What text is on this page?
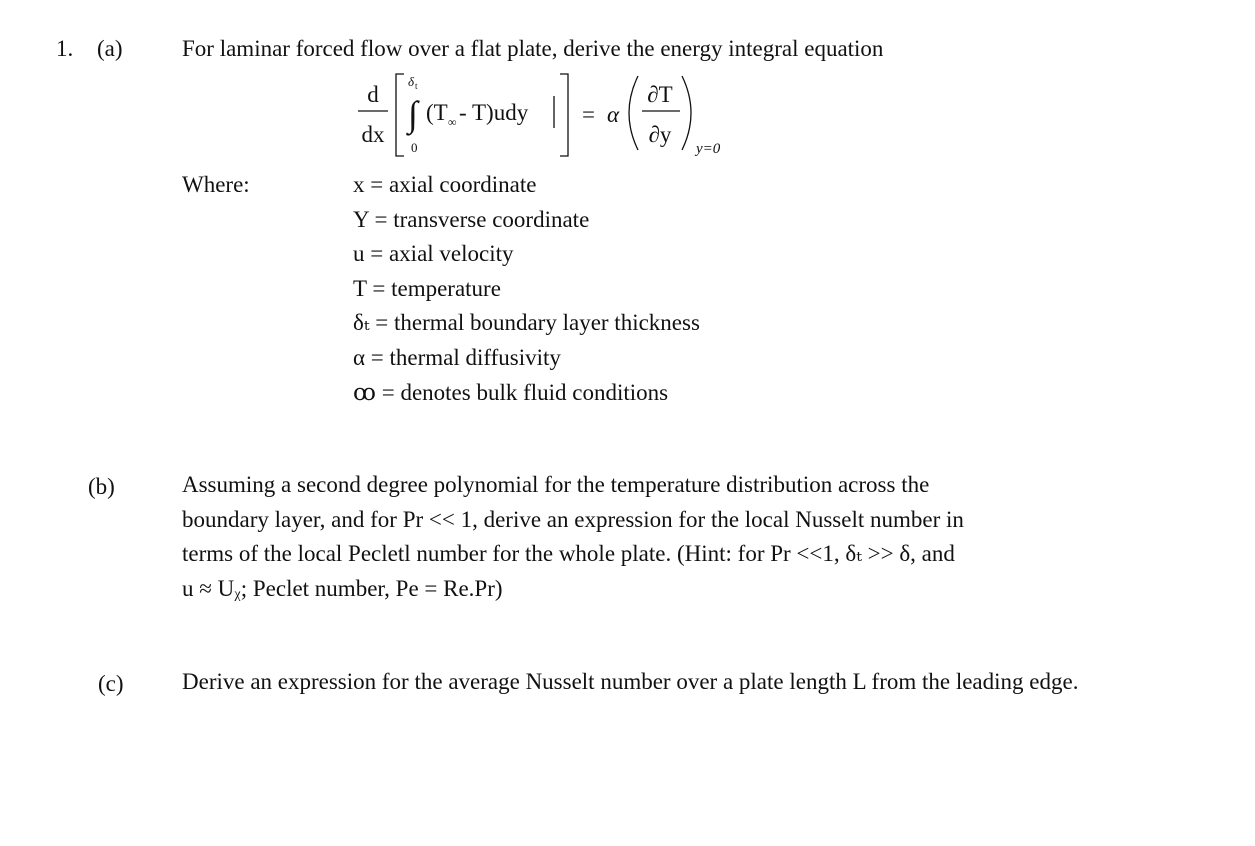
1. (a)	For laminar forced flow over a flat plate, derive the energy integral equation
d
dx
δ t
∫
0
(T ∞ - T)udy = α
∂T
∂y
y=0
Where:	x = axial coordinate
Y = transverse coordinate
u = axial velocity
T = temperature
δₜ = thermal boundary layer thickness
α = thermal diffusivity
ꝏ = denotes bulk fluid conditions
(b)	Assuming a second degree polynomial for the temperature distribution across the
boundary layer, and for Pr << 1, derive an expression for the local Nusselt number in
terms of the local Pecletl number for the whole plate. (Hint: for Pr <<1, δₜ >> δ, and
u ≈ Uᵪ; Peclet number, Pe = Re.Pr)
(c)	Derive an expression for the average Nusselt number over a plate length L from the leading edge.
